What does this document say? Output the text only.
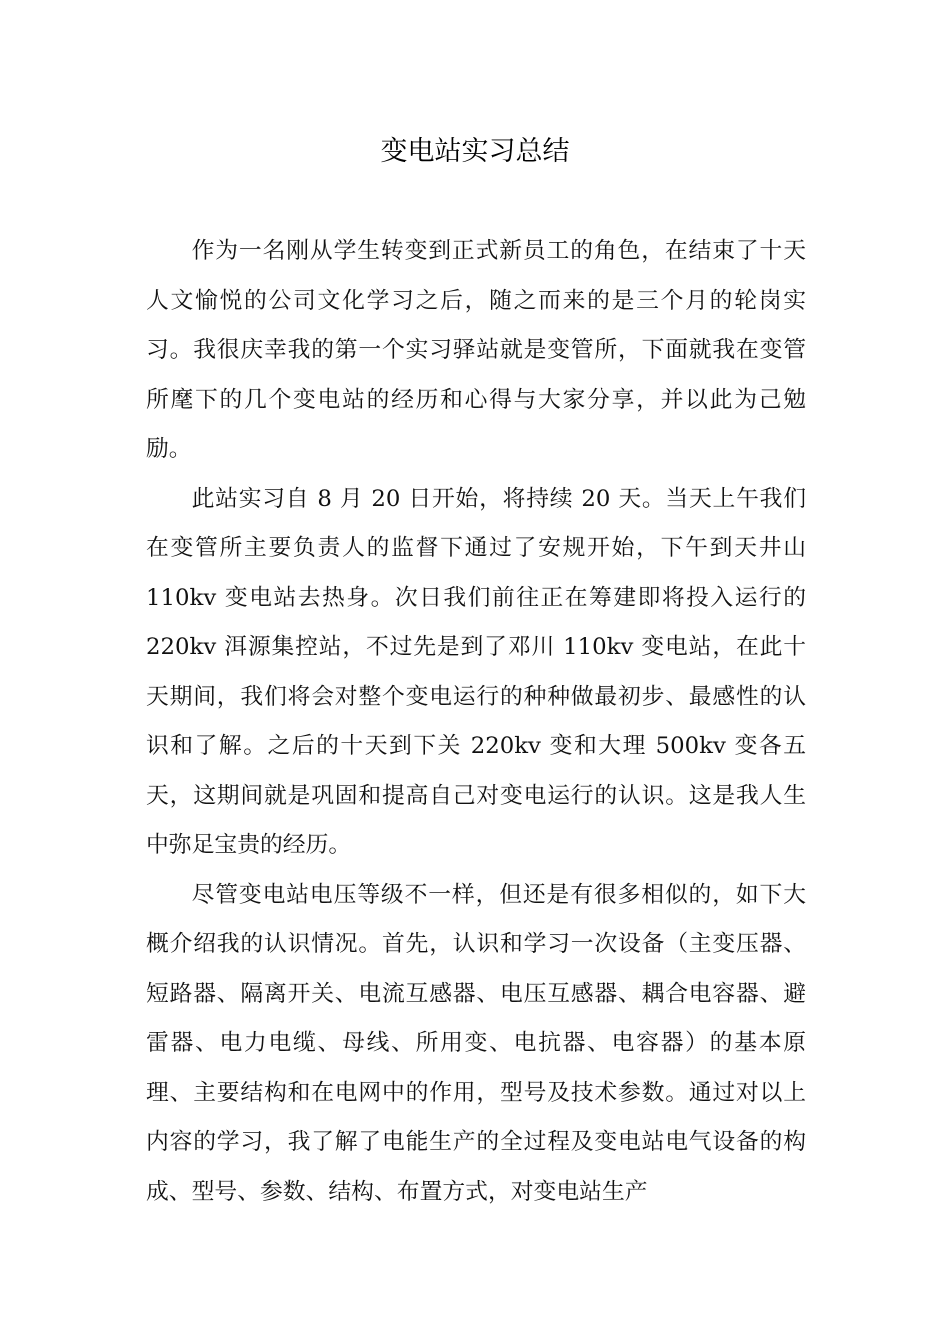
变电站实习总结

作为一名刚从学生转变到正式新员工的角色，在结束了十天人文愉悦的公司文化学习之后，随之而来的是三个月的轮岗实习。我很庆幸我的第一个实习驿站就是变管所，下面就我在变管所麾下的几个变电站的经历和心得与大家分享，并以此为己勉励。

此站实习自 8 月 20 日开始，将持续 20 天。当天上午我们在变管所主要负责人的监督下通过了安规开始，下午到天井山 110kv 变电站去热身。次日我们前往正在筹建即将投入运行的 220kv 洱源集控站，不过先是到了邓川 110kv 变电站，在此十天期间，我们将会对整个变电运行的种种做最初步、最感性的认识和了解。之后的十天到下关 220kv 变和大理 500kv 变各五天，这期间就是巩固和提高自己对变电运行的认识。这是我人生中弥足宝贵的经历。

尽管变电站电压等级不一样，但还是有很多相似的，如下大概介绍我的认识情况。首先，认识和学习一次设备（主变压器、短路器、隔离开关、电流互感器、电压互感器、耦合电容器、避雷器、电力电缆、母线、所用变、电抗器、电容器）的基本原理、主要结构和在电网中的作用，型号及技术参数。通过对以上内容的学习，我了解了电能生产的全过程及变电站电气设备的构成、型号、参数、结构、布置方式，对变电站生产
